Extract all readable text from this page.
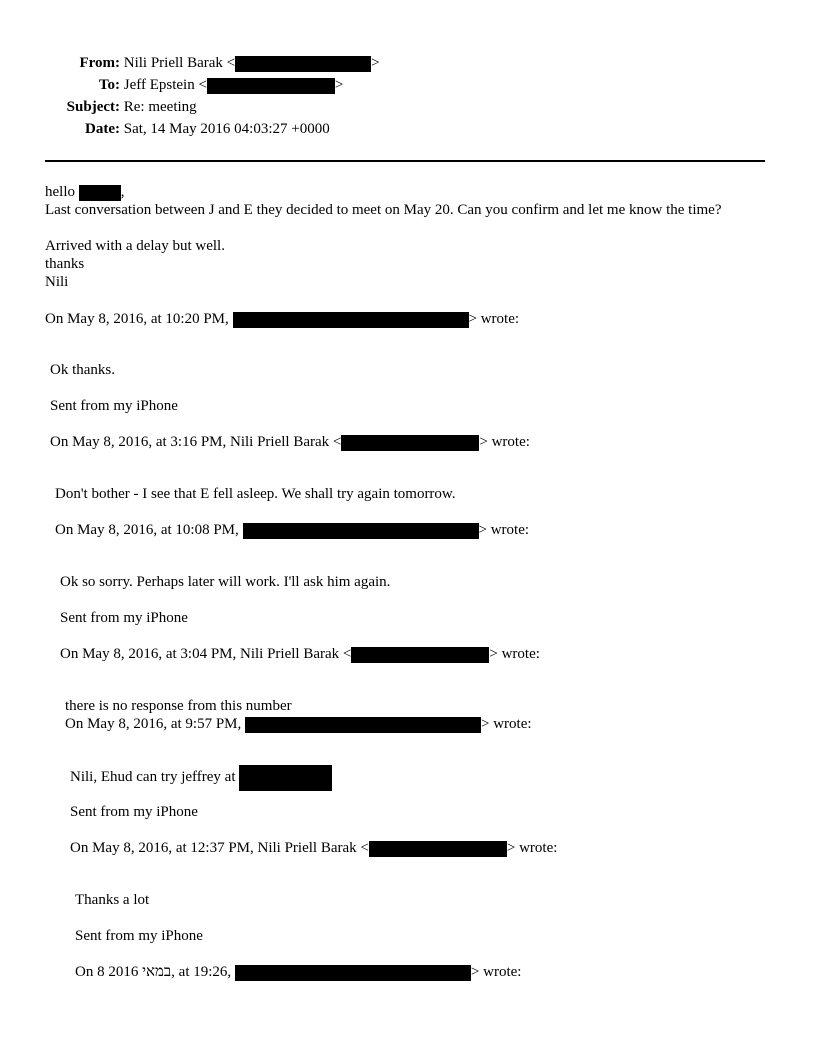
From: Nili Priell Barak <	>
To: Jeff Epstein <	>
Subject: Re: meeting
Date: Sat, 14 May 2016 04:03:27 +0000
hello	,
Last conversation between J and E they decided to meet on May 20. Can you confirm and let me know the time?
Arrived with a delay but well.
thanks
Nili
On May 8, 2016, at 10:20 PM,	> wrote:
Ok thanks.
Sent from my iPhone
On May 8, 2016, at 3:16 PM, Nili Priell Barak <	> wrote:
Don't bother - I see that E fell asleep. We shall try again tomorrow.
On May 8, 2016, at 10:08 PM,	> wrote:
Ok so sorry. Perhaps later will work. I'll ask him again.
Sent from my iPhone
On May 8, 2016, at 3:04 PM, Nili Priell Barak <	> wrote:
there is no response from this number
On May 8, 2016, at 9:57 PM,	> wrote:
Nili, Ehud can try jeffrey at
Sent from my iPhone
On May 8, 2016, at 12:37 PM, Nili Priell Barak <	> wrote:
Thanks a lot
Sent from my iPhone
On 8 2016 במאי, at 19:26,	> wrote:
